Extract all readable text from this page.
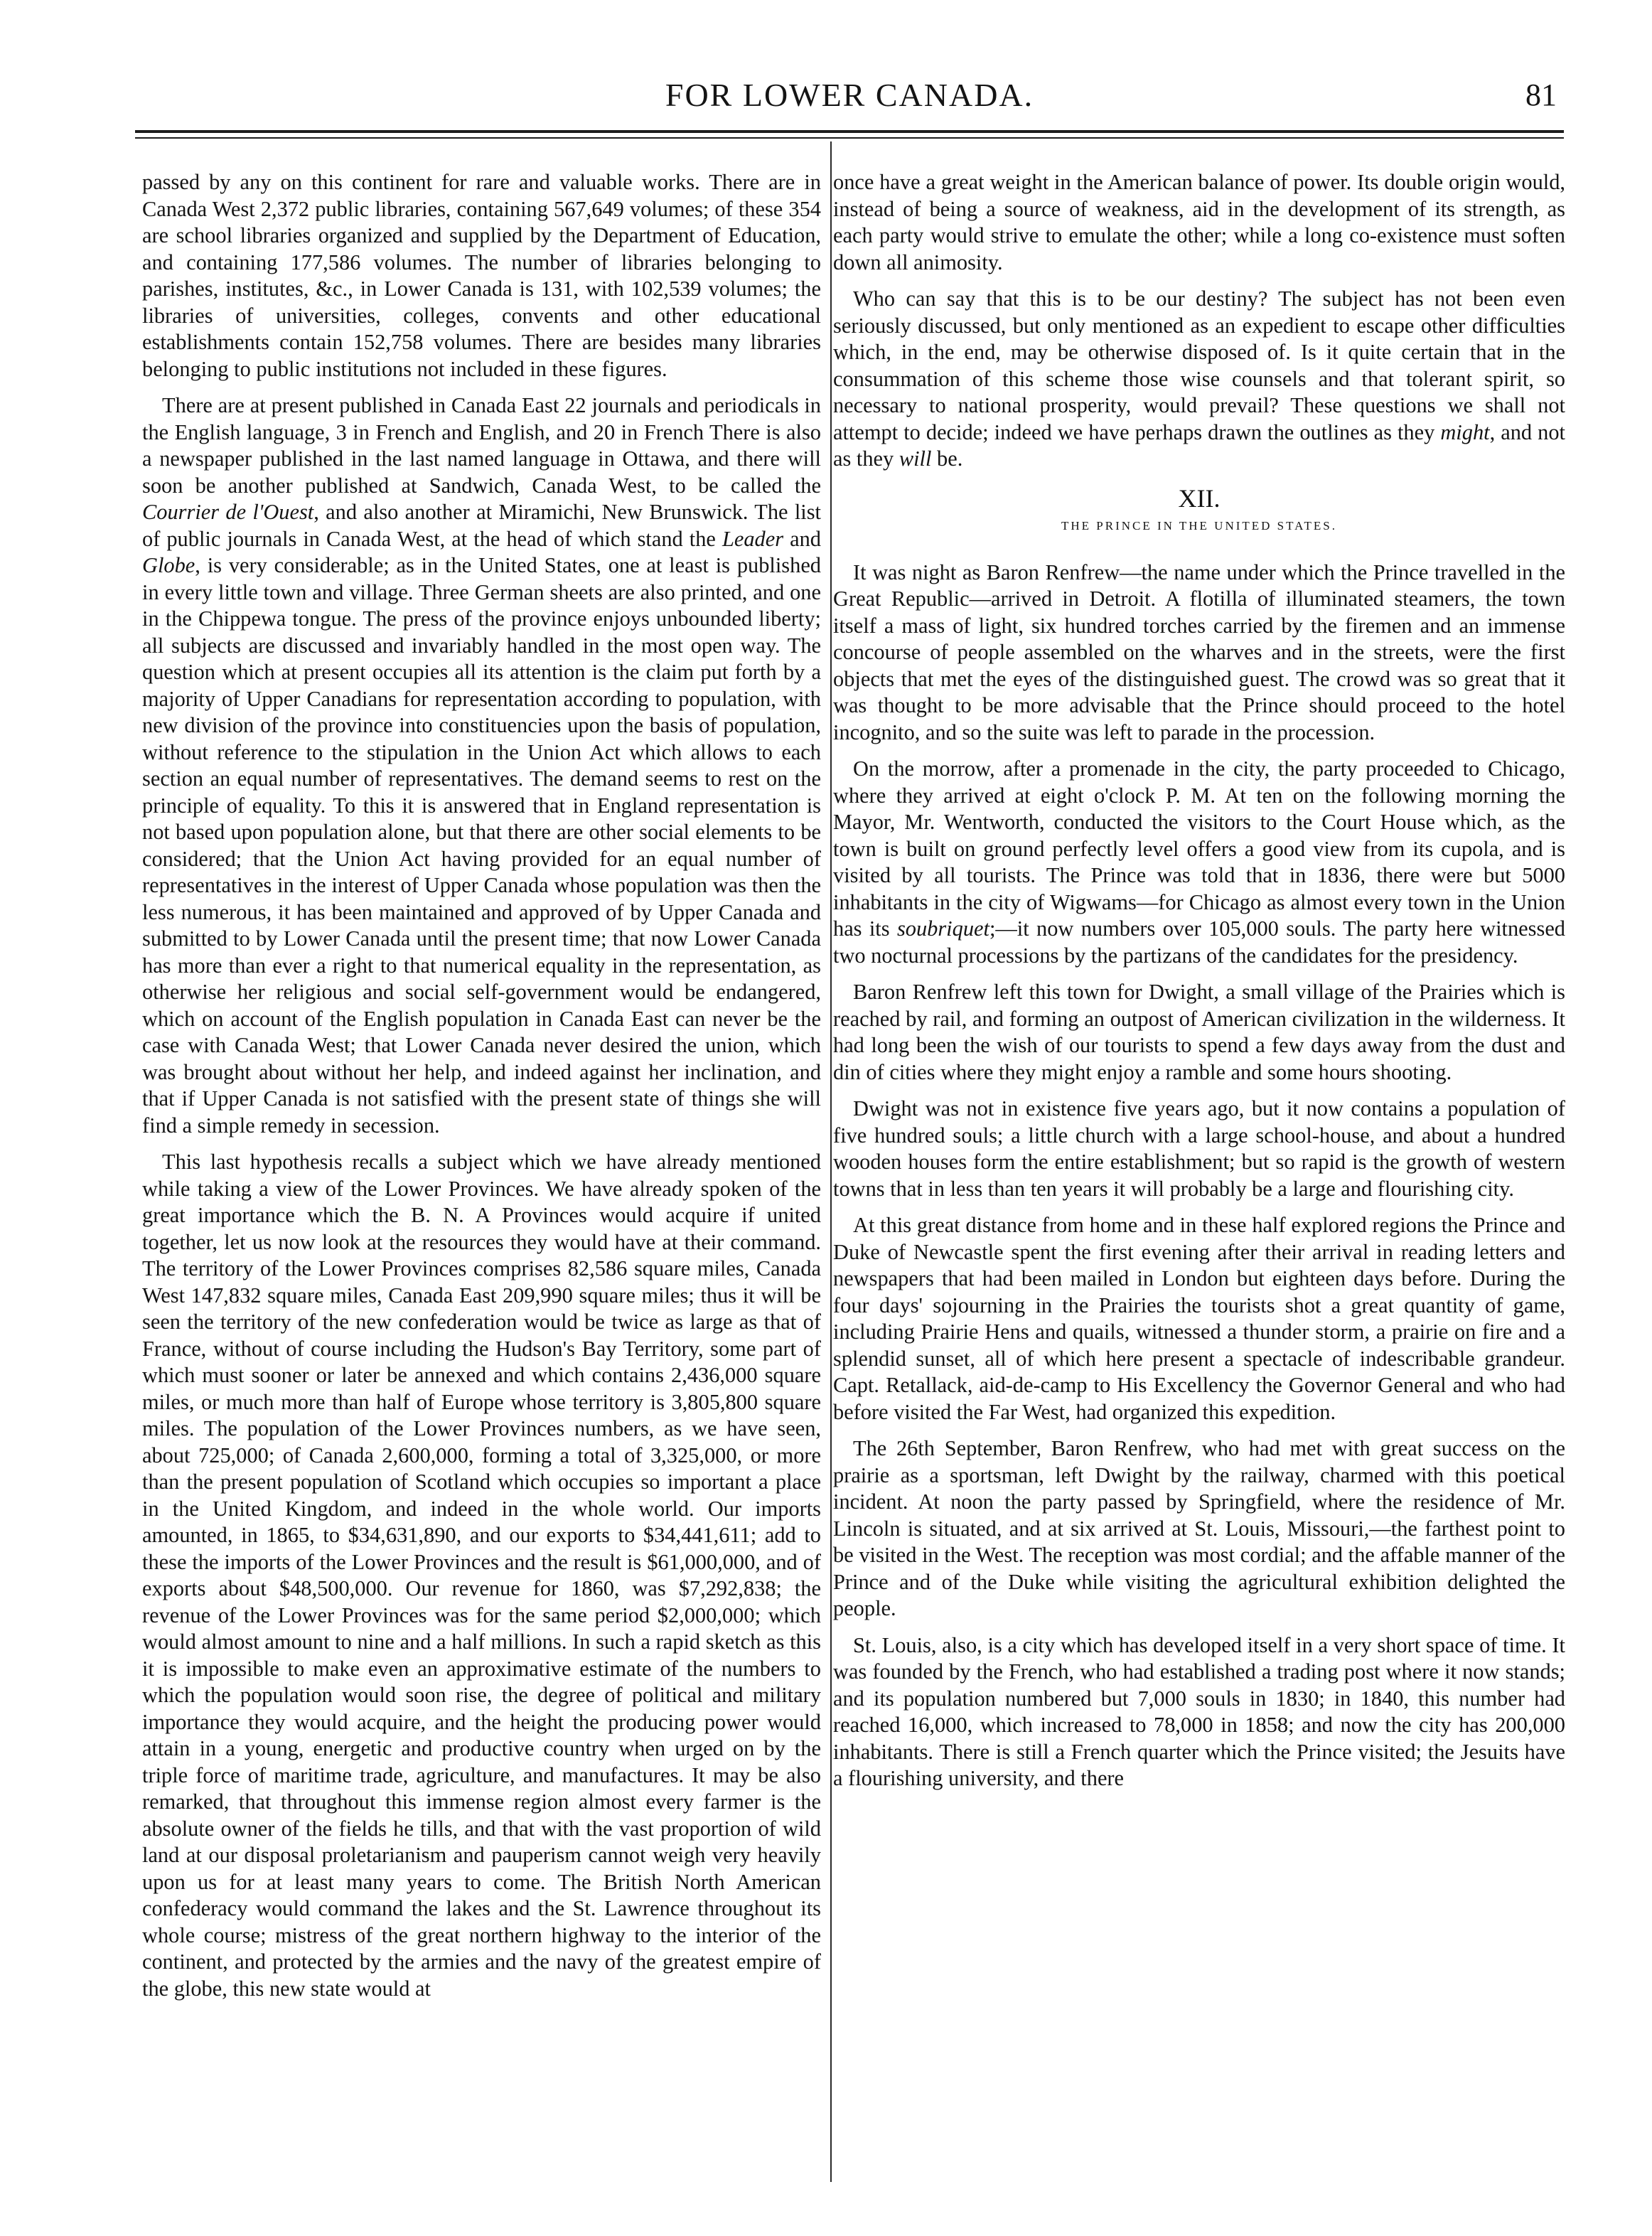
FOR LOWER CANADA.	81

passed by any on this continent for rare and valuable works. There are in Canada West 2,372 public libraries, containing 567,649 volumes; of these 354 are school libraries organized and supplied by the Department of Education, and containing 177,586 volumes. The number of libraries belonging to parishes, institutes, &c., in Lower Canada is 131, with 102,539 volumes; the libraries of universities, colleges, convents and other educational establishments contain 152,758 volumes. There are besides many libraries belonging to public institutions not included in these figures.

There are at present published in Canada East 22 journals and periodicals in the English language, 3 in French and English, and 20 in French There is also a newspaper published in the last named language in Ottawa, and there will soon be another published at Sandwich, Canada West, to be called the Courrier de l'Ouest, and also another at Miramichi, New Brunswick. The list of public journals in Canada West, at the head of which stand the Leader and Globe, is very considerable; as in the United States, one at least is published in every little town and village. Three German sheets are also printed, and one in the Chippewa tongue. The press of the province enjoys unbounded liberty; all subjects are discussed and invariably handled in the most open way. The question which at present occupies all its attention is the claim put forth by a majority of Upper Canadians for representation according to population, with new division of the province into constituencies upon the basis of population, without reference to the stipulation in the Union Act which allows to each section an equal number of representatives. The demand seems to rest on the principle of equality. To this it is answered that in England representation is not based upon population alone, but that there are other social elements to be considered; that the Union Act having provided for an equal number of representatives in the interest of Upper Canada whose population was then the less numerous, it has been maintained and approved of by Upper Canada and submitted to by Lower Canada until the present time; that now Lower Canada has more than ever a right to that numerical equality in the representation, as otherwise her religious and social self-government would be endangered, which on account of the English population in Canada East can never be the case with Canada West; that Lower Canada never desired the union, which was brought about without her help, and indeed against her inclination, and that if Upper Canada is not satisfied with the present state of things she will find a simple remedy in secession.

This last hypothesis recalls a subject which we have already mentioned while taking a view of the Lower Provinces. We have already spoken of the great importance which the B. N. A Provinces would acquire if united together, let us now look at the resources they would have at their command. The territory of the Lower Provinces comprises 82,586 square miles, Canada West 147,832 square miles, Canada East 209,990 square miles; thus it will be seen the territory of the new confederation would be twice as large as that of France, without of course including the Hudson's Bay Territory, some part of which must sooner or later be annexed and which contains 2,436,000 square miles, or much more than half of Europe whose territory is 3,805,800 square miles. The population of the Lower Provinces numbers, as we have seen, about 725,000; of Canada 2,600,000, forming a total of 3,325,000, or more than the present population of Scotland which occupies so important a place in the United Kingdom, and indeed in the whole world. Our imports amounted, in 1865, to $34,631,890, and our exports to $34,441,611; add to these the imports of the Lower Provinces and the result is $61,000,000, and of exports about $48,500,000. Our revenue for 1860, was $7,292,838; the revenue of the Lower Provinces was for the same period $2,000,000; which would almost amount to nine and a half millions. In such a rapid sketch as this it is impossible to make even an approximative estimate of the numbers to which the population would soon rise, the degree of political and military importance they would acquire, and the height the producing power would attain in a young, energetic and productive country when urged on by the triple force of maritime trade, agriculture, and manufactures. It may be also remarked, that throughout this immense region almost every farmer is the absolute owner of the fields he tills, and that with the vast proportion of wild land at our disposal proletarianism and pauperism cannot weigh very heavily upon us for at least many years to come. The British North American confederacy would command the lakes and the St. Lawrence throughout its whole course; mistress of the great northern highway to the interior of the continent, and protected by the armies and the navy of the greatest empire of the globe, this new state would at

once have a great weight in the American balance of power. Its double origin would, instead of being a source of weakness, aid in the development of its strength, as each party would strive to emulate the other; while a long co-existence must soften down all animosity.

Who can say that this is to be our destiny? The subject has not been even seriously discussed, but only mentioned as an expedient to escape other difficulties which, in the end, may be otherwise disposed of. Is it quite certain that in the consummation of this scheme those wise counsels and that tolerant spirit, so necessary to national prosperity, would prevail? These questions we shall not attempt to decide; indeed we have perhaps drawn the outlines as they might, and not as they will be.

XII.
THE PRINCE IN THE UNITED STATES.

It was night as Baron Renfrew—the name under which the Prince travelled in the Great Republic—arrived in Detroit. A flotilla of illuminated steamers, the town itself a mass of light, six hundred torches carried by the firemen and an immense concourse of people assembled on the wharves and in the streets, were the first objects that met the eyes of the distinguished guest. The crowd was so great that it was thought to be more advisable that the Prince should proceed to the hotel incognito, and so the suite was left to parade in the procession.

On the morrow, after a promenade in the city, the party proceeded to Chicago, where they arrived at eight o'clock P. M. At ten on the following morning the Mayor, Mr. Wentworth, conducted the visitors to the Court House which, as the town is built on ground perfectly level offers a good view from its cupola, and is visited by all tourists. The Prince was told that in 1836, there were but 5000 inhabitants in the city of Wigwams—for Chicago as almost every town in the Union has its soubriquet;—it now numbers over 105,000 souls. The party here witnessed two nocturnal processions by the partizans of the candidates for the presidency.

Baron Renfrew left this town for Dwight, a small village of the Prairies which is reached by rail, and forming an outpost of American civilization in the wilderness. It had long been the wish of our tourists to spend a few days away from the dust and din of cities where they might enjoy a ramble and some hours shooting.

Dwight was not in existence five years ago, but it now contains a population of five hundred souls; a little church with a large school-house, and about a hundred wooden houses form the entire establishment; but so rapid is the growth of western towns that in less than ten years it will probably be a large and flourishing city.

At this great distance from home and in these half explored regions the Prince and Duke of Newcastle spent the first evening after their arrival in reading letters and newspapers that had been mailed in London but eighteen days before. During the four days' sojourning in the Prairies the tourists shot a great quantity of game, including Prairie Hens and quails, witnessed a thunder storm, a prairie on fire and a splendid sunset, all of which here present a spectacle of indescribable grandeur. Capt. Retallack, aid-de-camp to His Excellency the Governor General and who had before visited the Far West, had organized this expedition.

The 26th September, Baron Renfrew, who had met with great success on the prairie as a sportsman, left Dwight by the railway, charmed with this poetical incident. At noon the party passed by Springfield, where the residence of Mr. Lincoln is situated, and at six arrived at St. Louis, Missouri,—the farthest point to be visited in the West. The reception was most cordial; and the affable manner of the Prince and of the Duke while visiting the agricultural exhibition delighted the people.

St. Louis, also, is a city which has developed itself in a very short space of time. It was founded by the French, who had established a trading post where it now stands; and its population numbered but 7,000 souls in 1830; in 1840, this number had reached 16,000, which increased to 78,000 in 1858; and now the city has 200,000 inhabitants. There is still a French quarter which the Prince visited; the Jesuits have a flourishing university, and there
